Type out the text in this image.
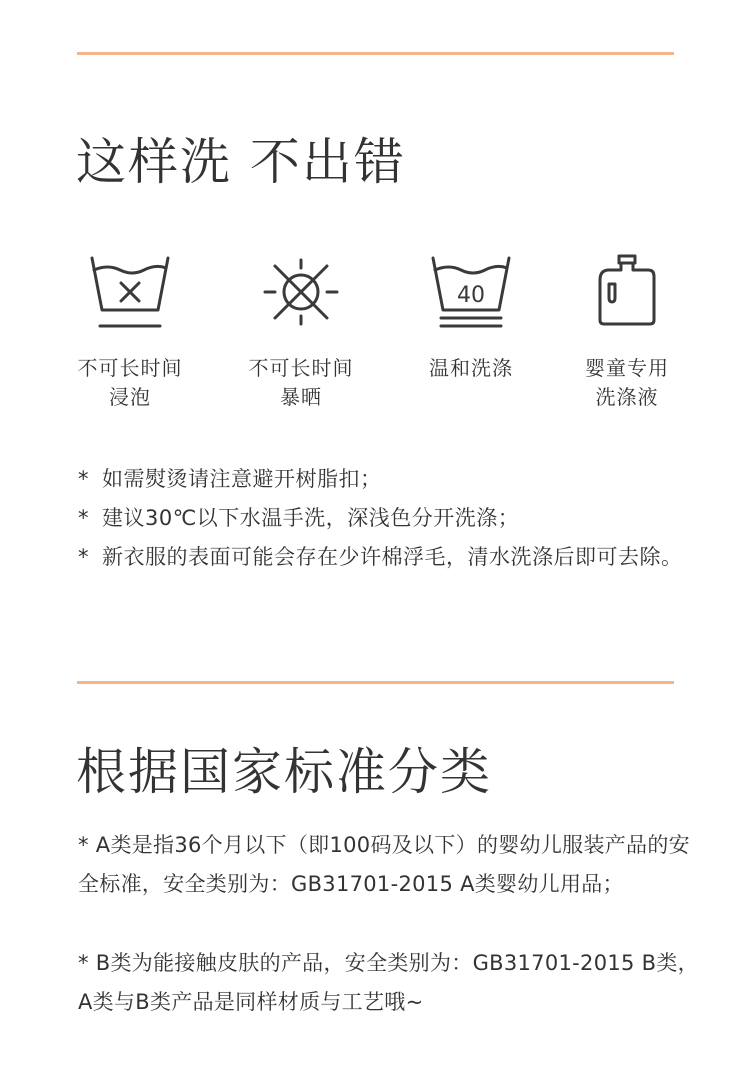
这样洗 不出错
不可长时间
浸泡
不可长时间
暴晒
40
温和洗涤	婴童专用
洗涤液
* 如需熨烫请注意避开树脂扣；
* 建议30℃以下水温手洗，深浅色分开洗涤；
* 新衣服的表面可能会存在少许棉浮毛，清水洗涤后即可去除。
根据国家标准分类

* A类是指36个月以下（即100码及以下）的婴幼儿服装产品的安全标准，安全类别为：GB31701-2015 A类婴幼儿用品；

* B类为能接触皮肤的产品，安全类别为：GB31701-2015 B类，A类与B类产品是同样材质与工艺哦~
